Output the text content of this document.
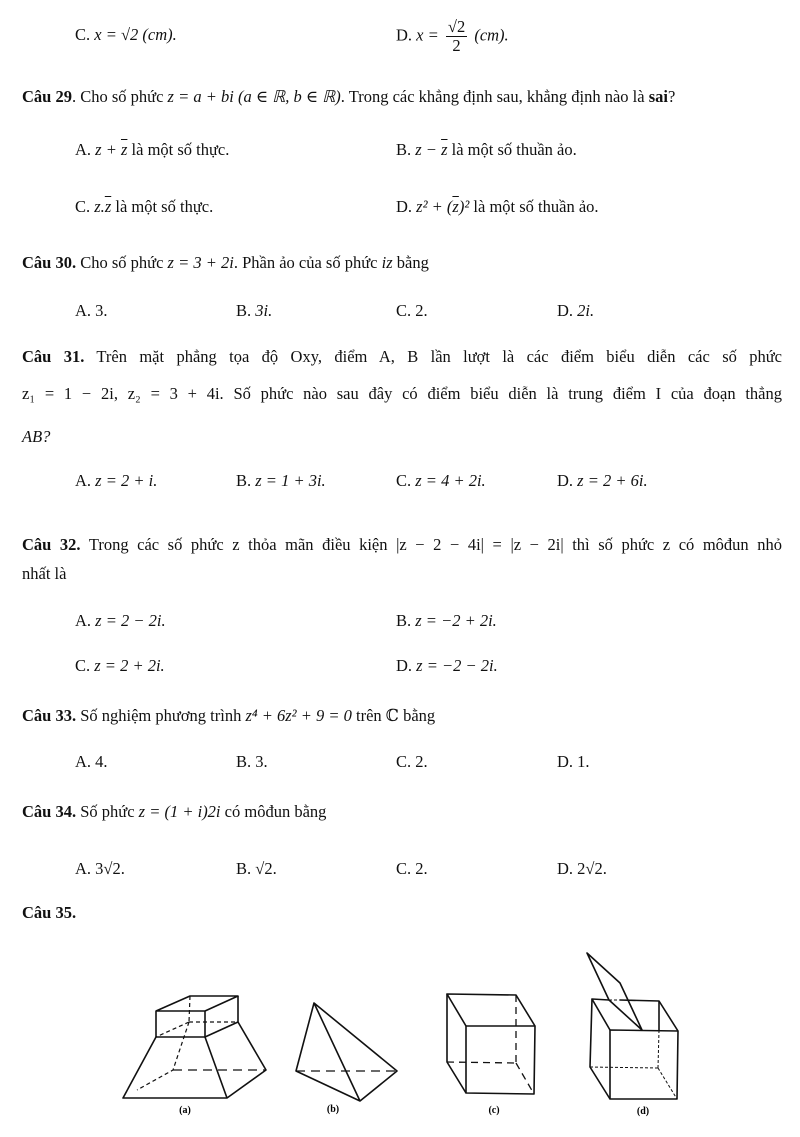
C. x = √2 (cm).	D. $x = \frac{√2}{2} (cm)$.
Câu 29. Cho số phức z = a + bi (a ∈ ℝ, b ∈ ℝ). Trong các khẳng định sau, khẳng định nào là sai?
A. $z + \overline{z}$ là một số thực.	B. $z - \overline{z}$ là một số thuần ảo.
C. $z.\overline{z}$ là một số thực.	D. $z^2 + (\overline{z})^2$ là một số thuần ảo.
Câu 30. Cho số phức z = 3 + 2i. Phần ảo của số phức iz bằng
A. 3.	B. 3i.	C. 2.	D. 2i.
Câu 31. Trên mặt phẳng tọa độ Oxy, điểm A, B lần lượt là các điểm biểu diễn các số phức
z₁ = 1 − 2i, z₂ = 3 + 4i. Số phức nào sau đây có điểm biểu diễn là trung điểm I của đoạn thẳng
AB?
A. z = 2 + i.	B. z = 1 + 3i.	C. z = 4 + 2i.	D. z = 2 + 6i.
Câu 32. Trong các số phức z thỏa mãn điều kiện |z − 2 − 4i| = |z − 2i| thì số phức z có môđun nhỏ
nhất là
A. z = 2 − 2i.	B. z = −2 + 2i.
C. z = 2 + 2i.	D. z = −2 − 2i.
Câu 33. Số nghiệm phương trình z⁴ + 6z² + 9 = 0 trên ℂ bằng
A. 4.	B. 3.	C. 2.	D. 1.
Câu 34. Số phức z = (1 + i)2i có môđun bằng
A. 3√2.	B. √2.	C. 2.	D. 2√2.
Câu 35.
(a)	(b)	(c)	(d)
